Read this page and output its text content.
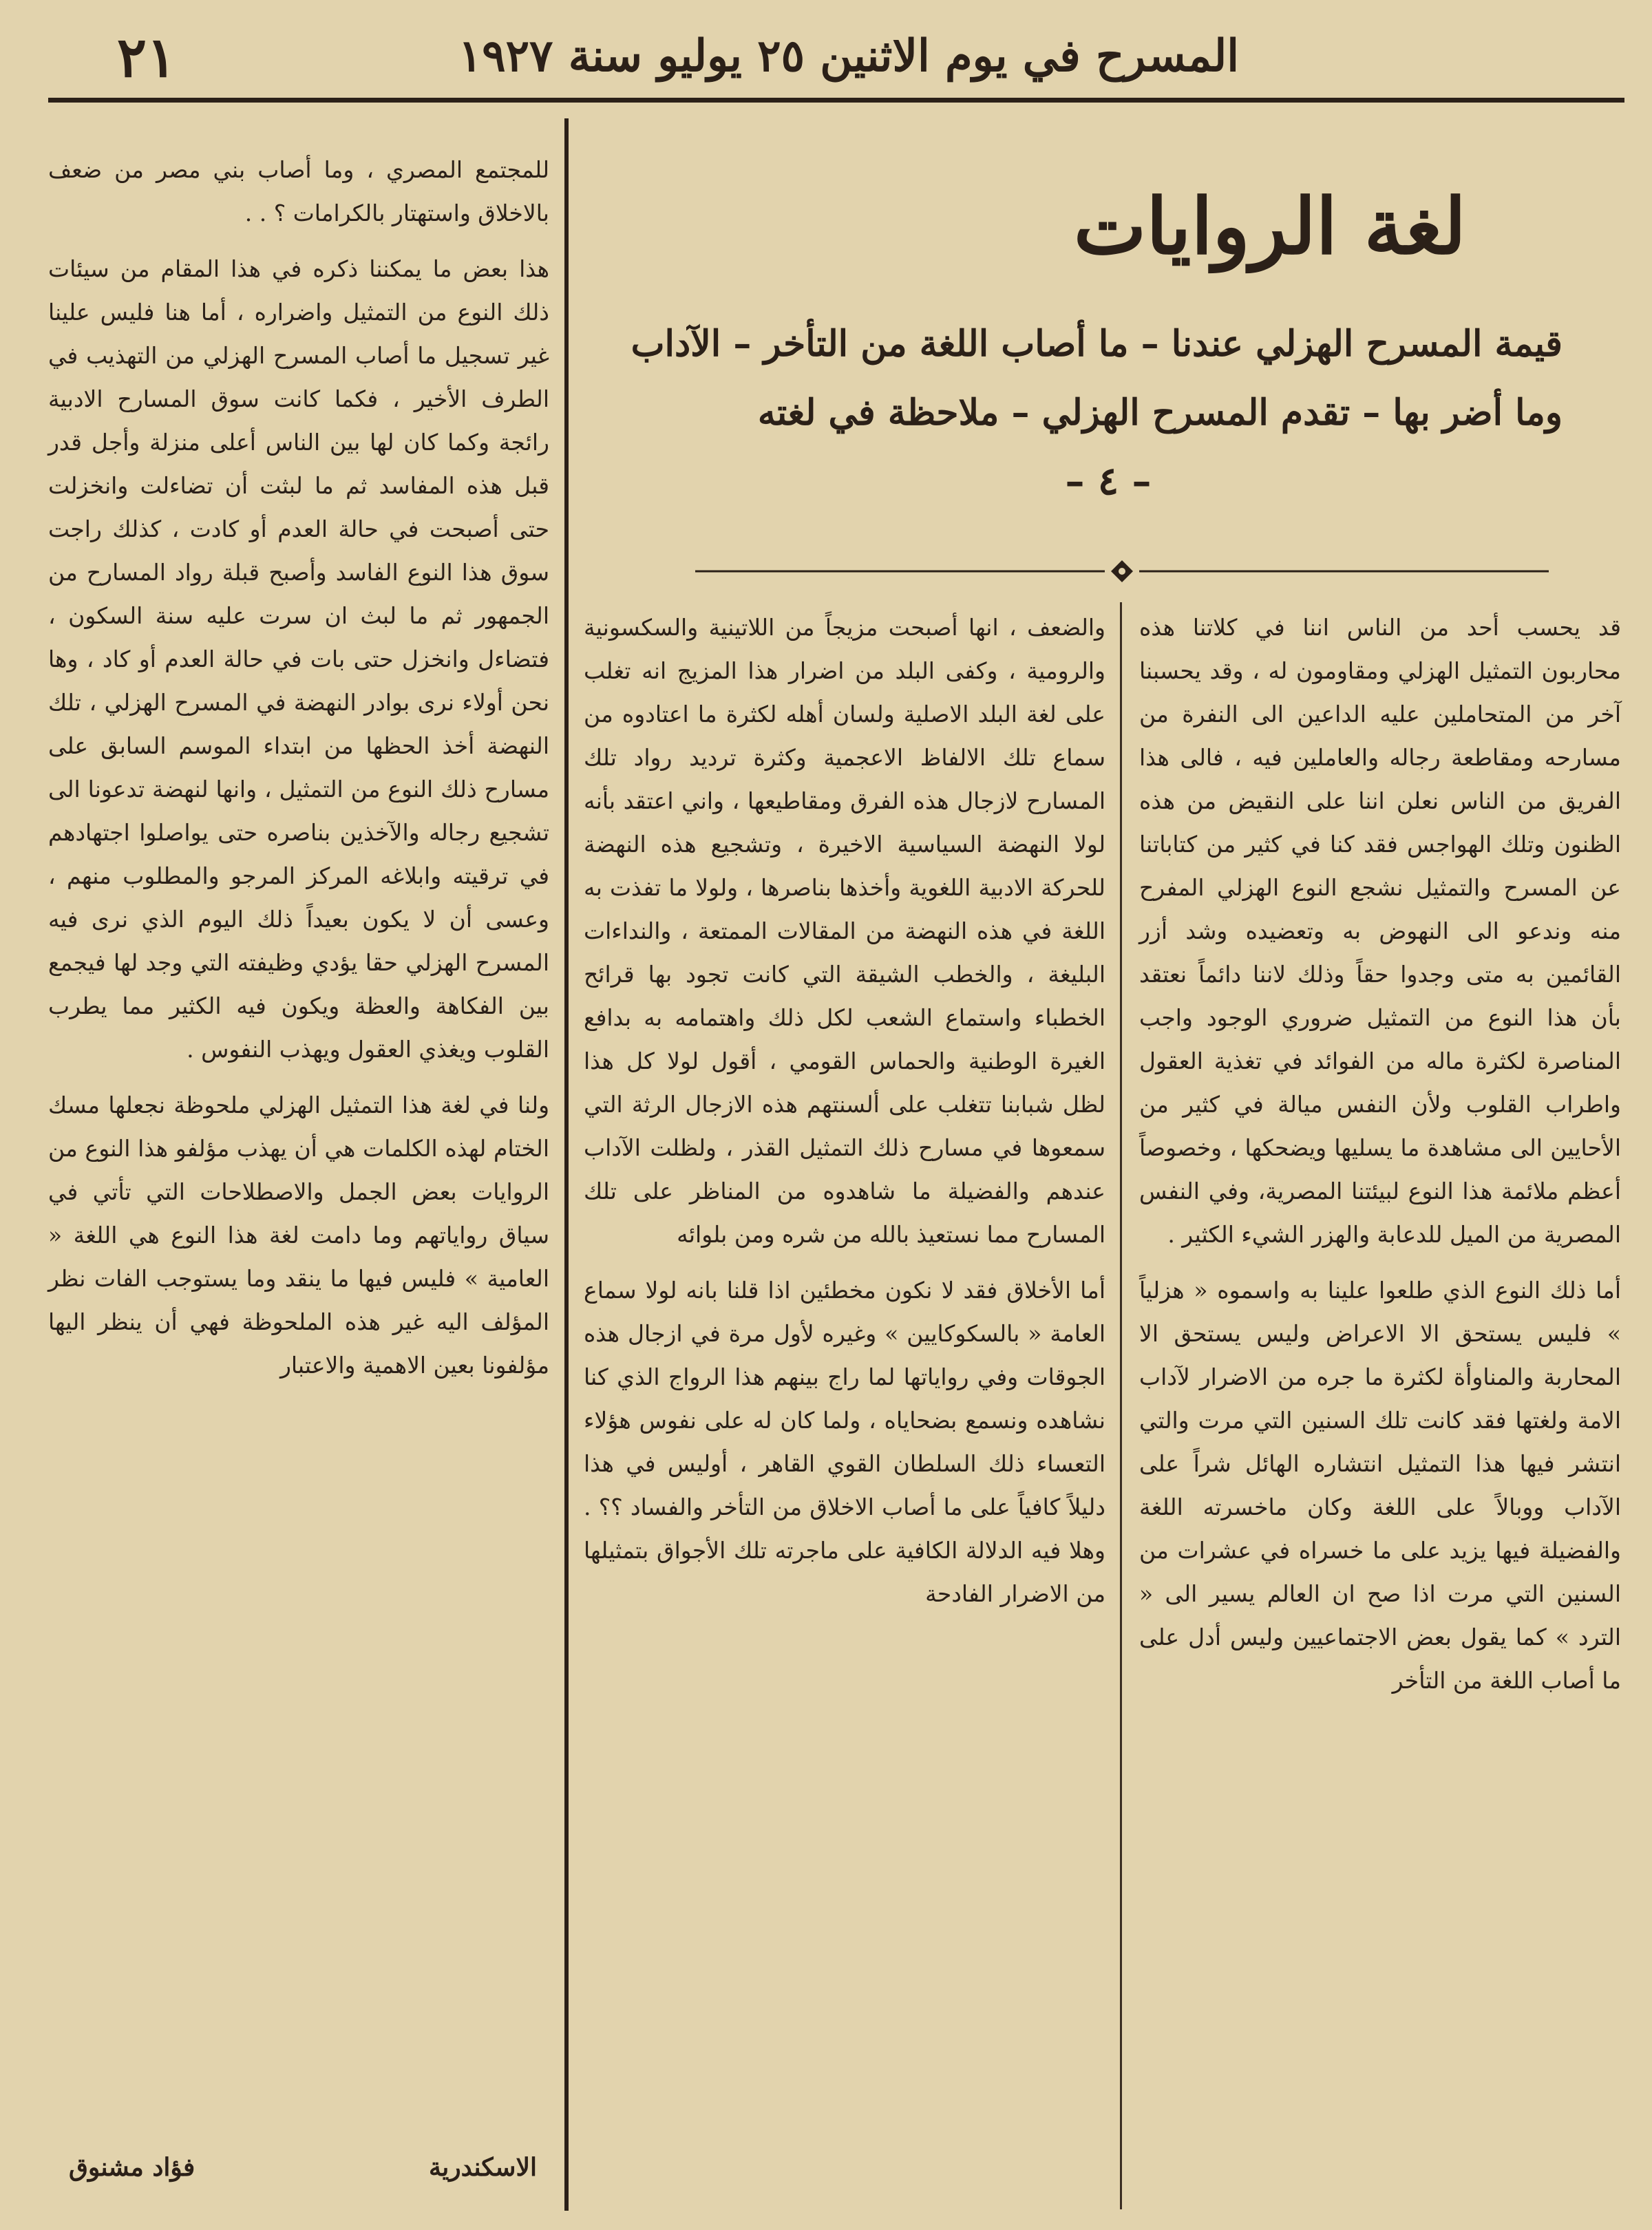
المسرح في يوم الاثنين ٢٥ يوليو سنة ١٩٢٧
٢١
لغة الروايات
قيمة المسرح الهزلي عندنا – ما أصاب اللغة من التأخر – الآداب
وما أضر بها – تقدم المسرح الهزلي – ملاحظة في لغته
– ٤ –

قد يحسب أحد من الناس اننا في كلاتنا هذه محاربون التمثيل الهزلي ومقاومون له ، وقد يحسبنا آخر من المتحاملين عليه الداعين الى النفرة من مسارحه ومقاطعة رجاله والعاملين فيه ، فالى هذا الفريق من الناس نعلن اننا على النقيض من هذه الظنون وتلك الهواجس فقد كنا في كثير من كتاباتنا عن المسرح والتمثيل نشجع النوع الهزلي المفرح منه وندعو الى النهوض به وتعضيده وشد أزر القائمين به متى وجدوا حقاً وذلك لاننا دائماً نعتقد بأن هذا النوع من التمثيل ضروري الوجود واجب المناصرة لكثرة ماله من الفوائد في تغذية العقول واطراب القلوب ولأن النفس ميالة في كثير من الأحايين الى مشاهدة ما يسليها ويضحكها ، وخصوصاً أعظم ملائمة هذا النوع لبيئتنا المصرية، وفي النفس المصرية من الميل للدعابة والهزر الشيء الكثير .

أما ذلك النوع الذي طلعوا علينا به واسموه « هزلياً » فليس يستحق الا الاعراض وليس يستحق الا المحاربة والمناوأة لكثرة ما جره من الاضرار لآداب الامة ولغتها فقد كانت تلك السنين التي مرت والتي انتشر فيها هذا التمثيل انتشاره الهائل شراً على الآداب ووبالاً على اللغة وكان ماخسرته اللغة والفضيلة فيها يزيد على ما خسراه في عشرات من السنين التي مرت اذا صح ان العالم يسير الى « الترد » كما يقول بعض الاجتماعيين وليس أدل على ما أصاب اللغة من التأخر

والضعف ، انها أصبحت مزيجاً من اللاتينية والسكسونية والرومية ، وكفى البلد من اضرار هذا المزيج انه تغلب على لغة البلد الاصلية ولسان أهله لكثرة ما اعتادوه من سماع تلك الالفاظ الاعجمية وكثرة ترديد رواد تلك المسارح لازجال هذه الفرق ومقاطيعها ، واني اعتقد بأنه لولا النهضة السياسية الاخيرة ، وتشجيع هذه النهضة للحركة الادبية اللغوية وأخذها بناصرها ، ولولا ما تفذت به اللغة في هذه النهضة من المقالات الممتعة ، والنداءات البليغة ، والخطب الشيقة التي كانت تجود بها قرائح الخطباء واستماع الشعب لكل ذلك واهتمامه به بدافع الغيرة الوطنية والحماس القومي ، أقول لولا كل هذا لظل شبابنا تتغلب على ألسنتهم هذه الازجال الرثة التي سمعوها في مسارح ذلك التمثيل القذر ، ولظلت الآداب عندهم والفضيلة ما شاهدوه من المناظر على تلك المسارح مما نستعيذ بالله من شره ومن بلوائه

أما الأخلاق فقد لا نكون مخطئين اذا قلنا بانه لولا سماع العامة « بالسكوكايين » وغيره لأول مرة في ازجال هذه الجوقات وفي رواياتها لما راج بينهم هذا الرواج الذي كنا نشاهده ونسمع بضحاياه ، ولما كان له على نفوس هؤلاء التعساء ذلك السلطان القوي القاهر ، أوليس في هذا دليلاً كافياً على ما أصاب الاخلاق من التأخر والفساد ؟؟ . وهلا فيه الدلالة الكافية على ماجرته تلك الأجواق بتمثيلها من الاضرار الفادحة

للمجتمع المصري ، وما أصاب بني مصر من ضعف بالاخلاق واستهتار بالكرامات ؟ . .

هذا بعض ما يمكننا ذكره في هذا المقام من سيئات ذلك النوع من التمثيل واضراره ، أما هنا فليس علينا غير تسجيل ما أصاب المسرح الهزلي من التهذيب في الطرف الأخير ، فكما كانت سوق المسارح الادبية رائجة وكما كان لها بين الناس أعلى منزلة وأجل قدر قبل هذه المفاسد ثم ما لبثت أن تضاءلت وانخزلت حتى أصبحت في حالة العدم أو كادت ، كذلك راجت سوق هذا النوع الفاسد وأصبح قبلة رواد المسارح من الجمهور ثم ما لبث ان سرت عليه سنة السكون ، فتضاءل وانخزل حتى بات في حالة العدم أو كاد ، وها نحن أولاء نرى بوادر النهضة في المسرح الهزلي ، تلك النهضة أخذ الحظها من ابتداء الموسم السابق على مسارح ذلك النوع من التمثيل ، وانها لنهضة تدعونا الى تشجيع رجاله والآخذين بناصره حتى يواصلوا اجتهادهم في ترقيته وابلاغه المركز المرجو والمطلوب منهم ، وعسى أن لا يكون بعيداً ذلك اليوم الذي نرى فيه المسرح الهزلي حقا يؤدي وظيفته التي وجد لها فيجمع بين الفكاهة والعظة ويكون فيه الكثير مما يطرب القلوب ويغذي العقول ويهذب النفوس .

ولنا في لغة هذا التمثيل الهزلي ملحوظة نجعلها مسك الختام لهذه الكلمات هي أن يهذب مؤلفو هذا النوع من الروايات بعض الجمل والاصطلاحات التي تأتي في سياق رواياتهم وما دامت لغة هذا النوع هي اللغة « العامية » فليس فيها ما ينقد وما يستوجب الفات نظر المؤلف اليه غير هذه الملحوظة فهي أن ينظر اليها مؤلفونا بعين الاهمية والاعتبار

الاسكندرية
فؤاد مشنوق
